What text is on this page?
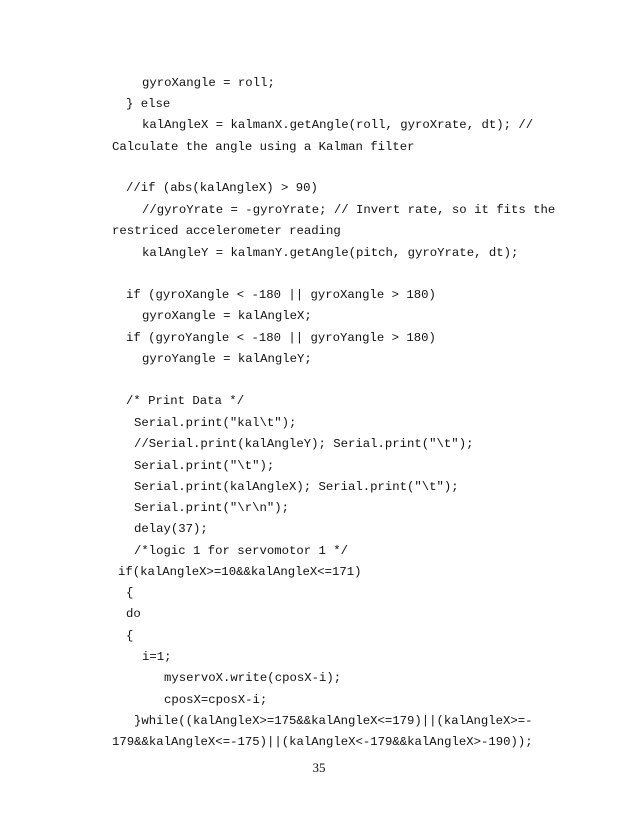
gyroXangle = roll;
} else
kalAngleX = kalmanX.getAngle(roll, gyroXrate, dt); //
Calculate the angle using a Kalman filter
//if (abs(kalAngleX) > 90)
//gyroYrate = -gyroYrate; // Invert rate, so it fits the
restriced accelerometer reading
kalAngleY = kalmanY.getAngle(pitch, gyroYrate, dt);
if (gyroXangle < -180 || gyroXangle > 180)
gyroXangle = kalAngleX;
if (gyroYangle < -180 || gyroYangle > 180)
gyroYangle = kalAngleY;
/* Print Data */
Serial.print("kal\t");
//Serial.print(kalAngleY); Serial.print("\t");
Serial.print("\t");
Serial.print(kalAngleX); Serial.print("\t");
Serial.print("\r\n");
delay(37);
/*logic 1 for servomotor 1 */
if(kalAngleX>=10&&kalAngleX<=171)
{
do
{
i=1;
myservoX.write(cposX-i);
cposX=cposX-i;
}while((kalAngleX>=175&&kalAngleX<=179)||(kalAngleX>=-
179&&kalAngleX<=-175)||(kalAngleX<-179&&kalAngleX>-190));
35
